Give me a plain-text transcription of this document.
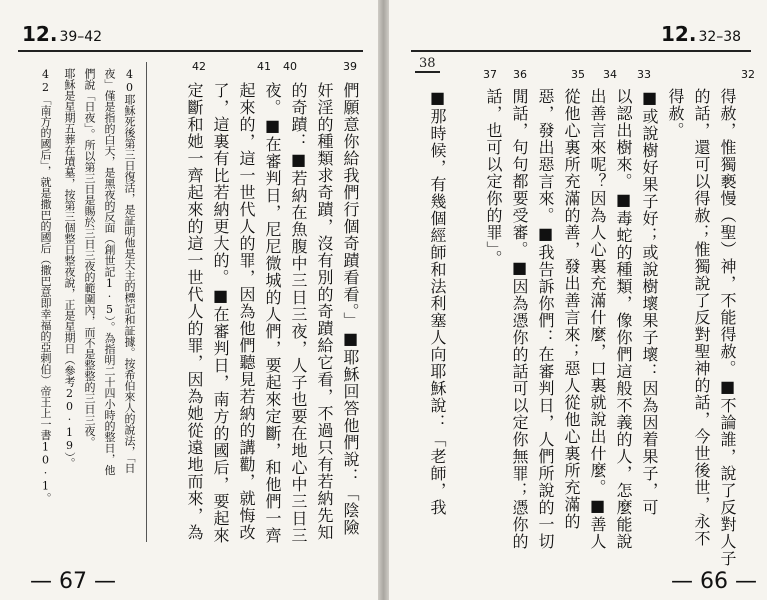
12. 39–42
39
40
41
42
們願意你給我們行個奇蹟看看。」■耶穌回答他們說：「陰險
奸淫的種類求奇蹟，沒有別的奇蹟給它看，不過只有若納先知
的奇蹟：■若納在魚腹中三日三夜，人子也要在地心中三日三
夜。■在審判日，尼尼微城的人們，要起來定斷，和他們一齊
起來的，這一世代人的罪，因為他們聽見若納的講勸，就悔改
了，這裏有比若納更大的。■在審判日，南方的國后，要起來
定斷和她一齊起來的這一世代人的罪，因為她從遠地而來，為
40耶穌死後第三日復活，是証明他是天主的標記和証據。按希伯來人的說法，「日
夜」僅是指的白天，是黑夜的反面（創世記1·5）。為指明二十四小時的整日，他
們說「日夜」。所以第三日是賜於三日三夜的範圍內，而不是整整的三日三夜。
耶穌是星期五葬在墳墓，按第三個整日整夜說，正是星期日（參考20·19）。
42「南方的國后」，就是撒巴的國后（撒巴意即幸福的亞剌伯）帝王上一書10·1。
— 67 —
12. 32–38
38
32
33
34
35
36
37
得赦，惟獨褻慢（聖）神，不能得赦。■不論誰，說了反對人子
的話，還可以得赦；惟獨說了反對聖神的話，今世後世，永不
得赦。
■或說樹好果子好；或說樹壞果子壞：因為因着果子，可
以認出樹來。■毒蛇的種類，像你們這般不義的人，怎麼能說
出善言來呢？因為人心裏充滿什麼，口裏就說出什麼。■善人
從他心裏所充滿的善，發出善言來；惡人從他心裏所充滿的
惡，發出惡言來。■我告訴你們：在審判日，人們所說的一切
閒話，句句都要受審。■因為憑你的話可以定你無罪；憑你的
話，也可以定你的罪」。
■那時候，有幾個經師和法利塞人向耶穌說：「老師，我
— 66 —
